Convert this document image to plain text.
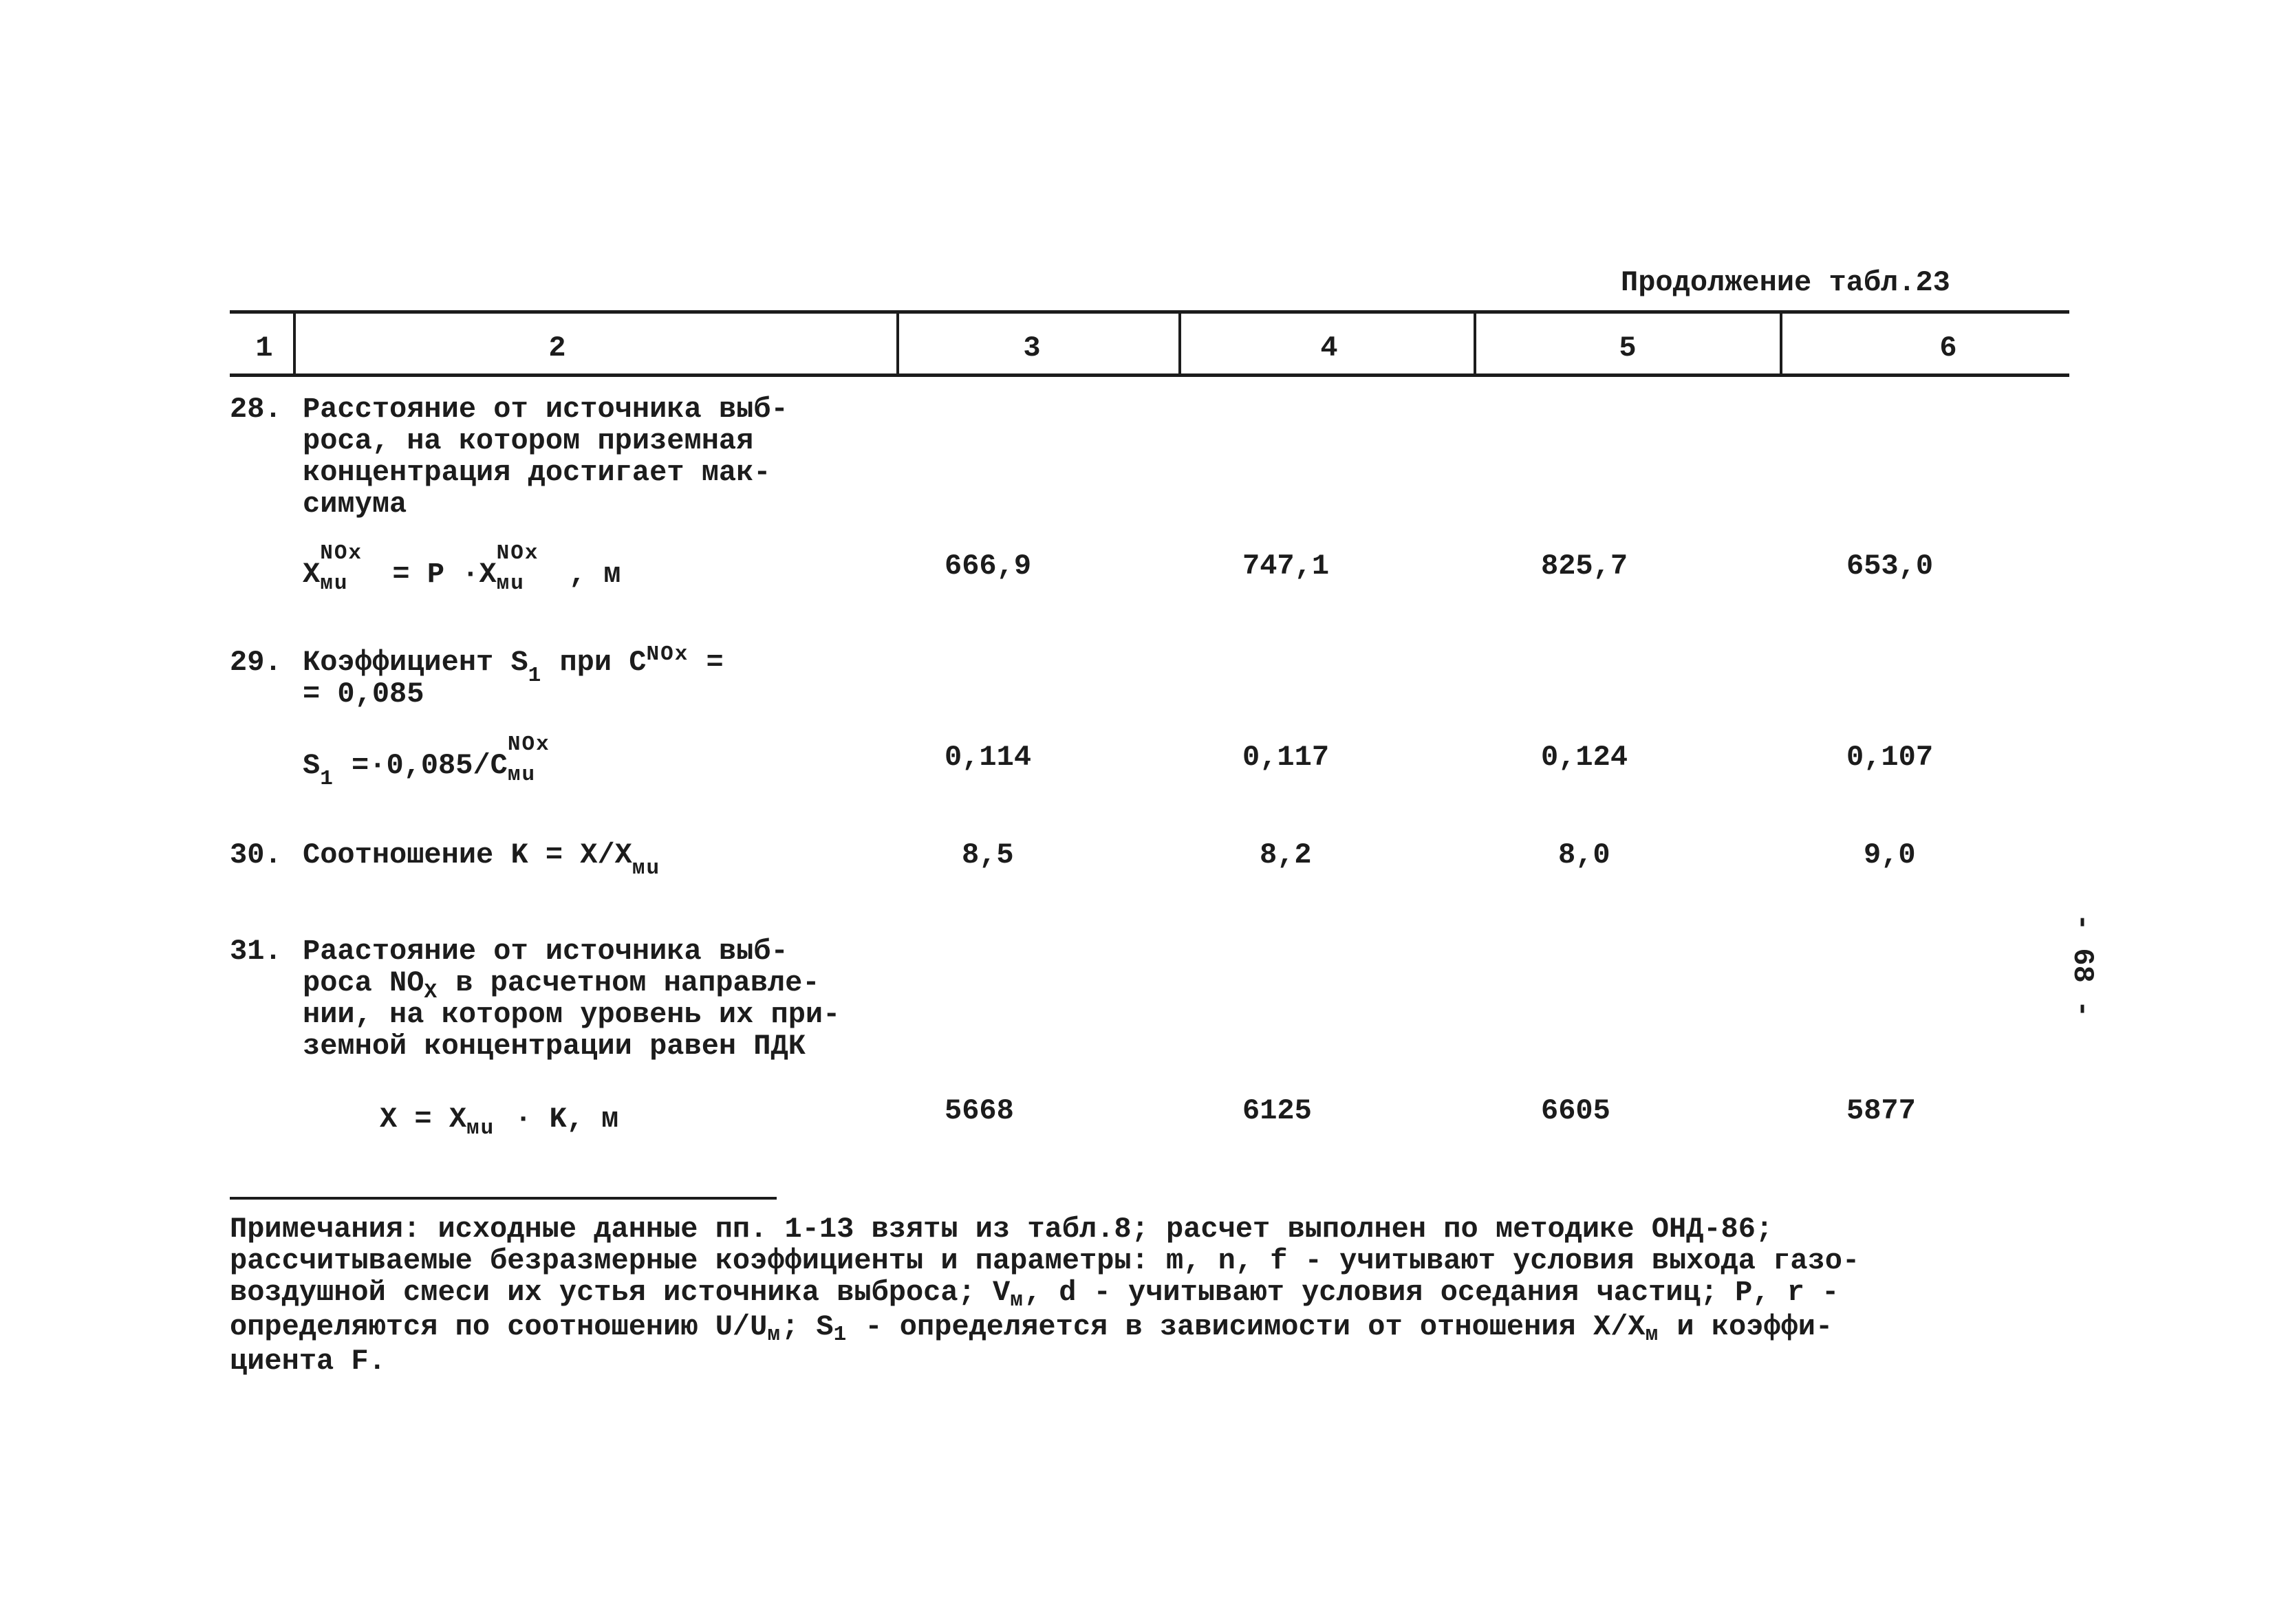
Продолжение табл.23
1	2	3	4	5	6
28. Расстояние от источника выб-
роса, на котором приземная
концентрация достигает мак-
симума
X
NOx
мu = P ·X
NOx
мu , м	666,9	747,1	825,7	653,0
29. Коэффициент $S_1$ при $C^{NOx}$ =
= 0,085
$S_1 =\cdot 0,085/C$
NOx
мu
0,114	0,117	0,124	0,107
30. Соотношение $K = X/X_{мu}$	8,5	8,2	8,0	9,0
31. Раастояние от источника выб-
роса $NO_X$ в расчетном направле-
нии, на котором уровень их при-
земной концентрации равен ПДК
X = X мu · K, м	5668	6125	6605	5877
- 68 -
Примечания: исходные данные пп. 1-13 взяты из табл.8; расчет выполнен по методике ОНД-86;
рассчитываемые безразмерные коэффициенты и параметры: m, n, f - учитывают условия выхода газо-
воздушной смеси их устья источника выброса; Vм, d - учитывают условия оседания частиц; P, r -
определяются по соотношению U/Uм; S1 - определяется в зависимости от отношения X/Xм и коэффи-
циента F.
